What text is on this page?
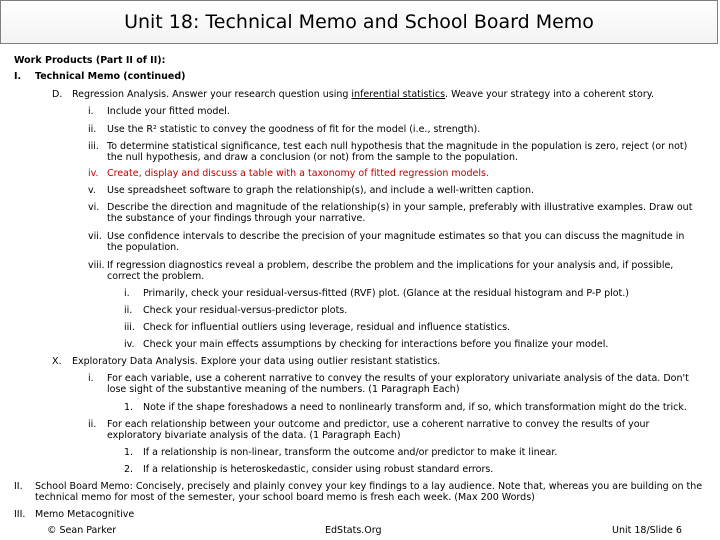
Unit 18: Technical Memo and School Board Memo
Work Products (Part II of II):
I. Technical Memo (continued)
D. Regression Analysis. Answer your research question using inferential statistics. Weave your strategy into a coherent story.
i. Include your fitted model.
ii. Use the R² statistic to convey the goodness of fit for the model (i.e., strength).
iii. To determine statistical significance, test each null hypothesis that the magnitude in the population is zero, reject (or not) the null hypothesis, and draw a conclusion (or not) from the sample to the population.
iv. Create, display and discuss a table with a taxonomy of fitted regression models.
v. Use spreadsheet software to graph the relationship(s), and include a well-written caption.
vi. Describe the direction and magnitude of the relationship(s) in your sample, preferably with illustrative examples. Draw out the substance of your findings through your narrative.
vii. Use confidence intervals to describe the precision of your magnitude estimates so that you can discuss the magnitude in the population.
viii. If regression diagnostics reveal a problem, describe the problem and the implications for your analysis and, if possible, correct the problem.
i. Primarily, check your residual-versus-fitted (RVF) plot. (Glance at the residual histogram and P-P plot.)
ii. Check your residual-versus-predictor plots.
iii. Check for influential outliers using leverage, residual and influence statistics.
iv. Check your main effects assumptions by checking for interactions before you finalize your model.
X. Exploratory Data Analysis. Explore your data using outlier resistant statistics.
i. For each variable, use a coherent narrative to convey the results of your exploratory univariate analysis of the data. Don't lose sight of the substantive meaning of the numbers. (1 Paragraph Each)
1. Note if the shape foreshadows a need to nonlinearly transform and, if so, which transformation might do the trick.
ii. For each relationship between your outcome and predictor, use a coherent narrative to convey the results of your exploratory bivariate analysis of the data. (1 Paragraph Each)
1. If a relationship is non-linear, transform the outcome and/or predictor to make it linear.
2. If a relationship is heteroskedastic, consider using robust standard errors.
II. School Board Memo: Concisely, precisely and plainly convey your key findings to a lay audience. Note that, whereas you are building on the technical memo for most of the semester, your school board memo is fresh each week. (Max 200 Words)
III. Memo Metacognitive
© Sean Parker	EdStats.Org	Unit 18/Slide 6
